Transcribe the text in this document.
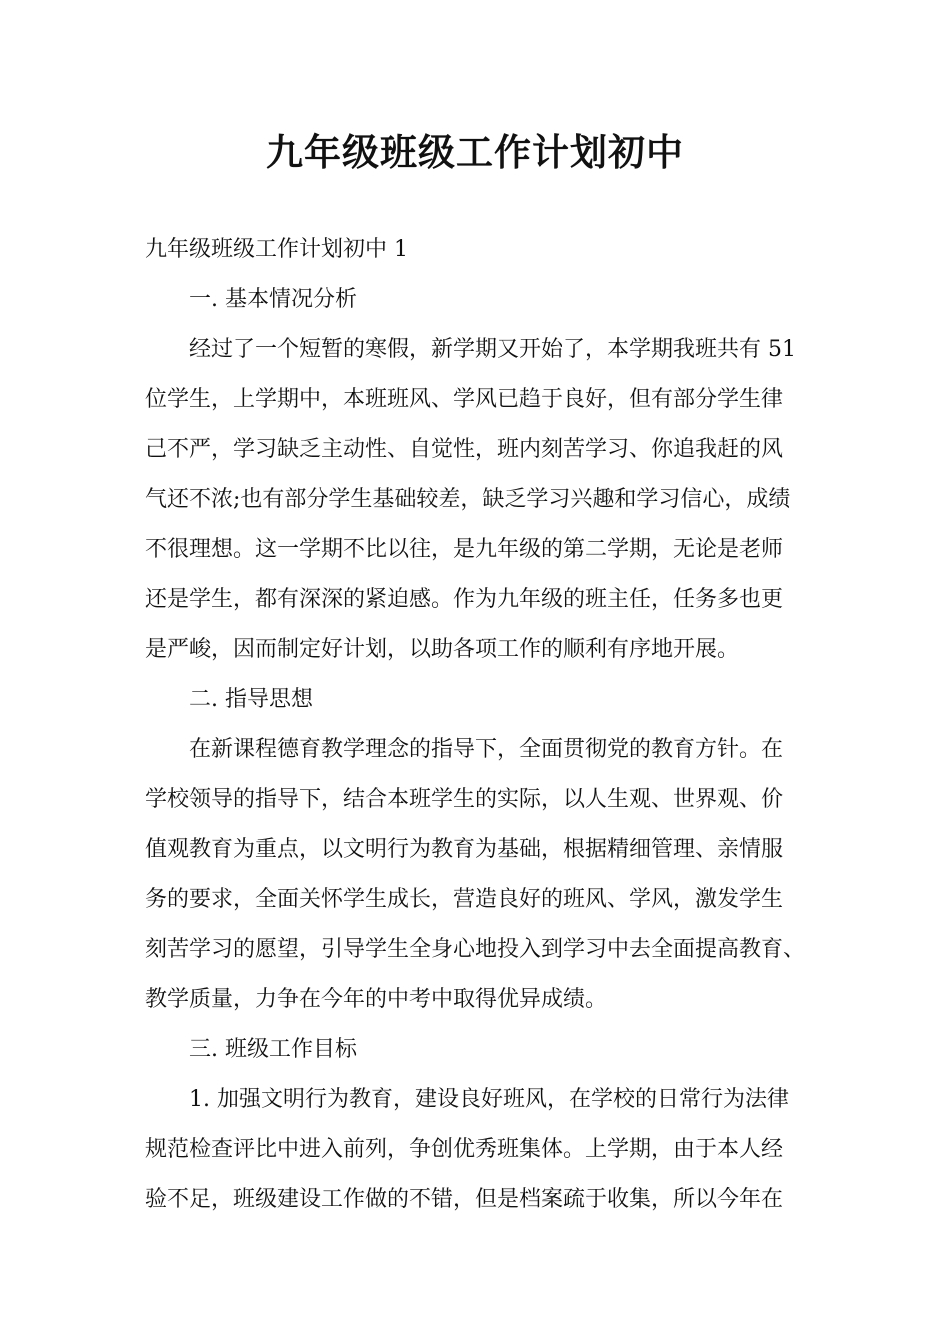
九年级班级工作计划初中

九年级班级工作计划初中 1

一. 基本情况分析

经过了一个短暂的寒假，新学期又开始了，本学期我班共有 51

位学生，上学期中，本班班风、学风已趋于良好，但有部分学生律

己不严，学习缺乏主动性、自觉性，班内刻苦学习、你追我赶的风

气还不浓;也有部分学生基础较差，缺乏学习兴趣和学习信心，成绩

不很理想。这一学期不比以往，是九年级的第二学期，无论是老师

还是学生，都有深深的紧迫感。作为九年级的班主任，任务多也更

是严峻，因而制定好计划，以助各项工作的顺利有序地开展。

二. 指导思想

在新课程德育教学理念的指导下，全面贯彻党的教育方针。在

学校领导的指导下，结合本班学生的实际，以人生观、世界观、价

值观教育为重点，以文明行为教育为基础，根据精细管理、亲情服

务的要求，全面关怀学生成长，营造良好的班风、学风，激发学生

刻苦学习的愿望，引导学生全身心地投入到学习中去全面提高教育、

教学质量，力争在今年的中考中取得优异成绩。

三. 班级工作目标

1. 加强文明行为教育，建设良好班风，在学校的日常行为法律

规范检查评比中进入前列，争创优秀班集体。上学期，由于本人经

验不足，班级建设工作做的不错，但是档案疏于收集，所以今年在
